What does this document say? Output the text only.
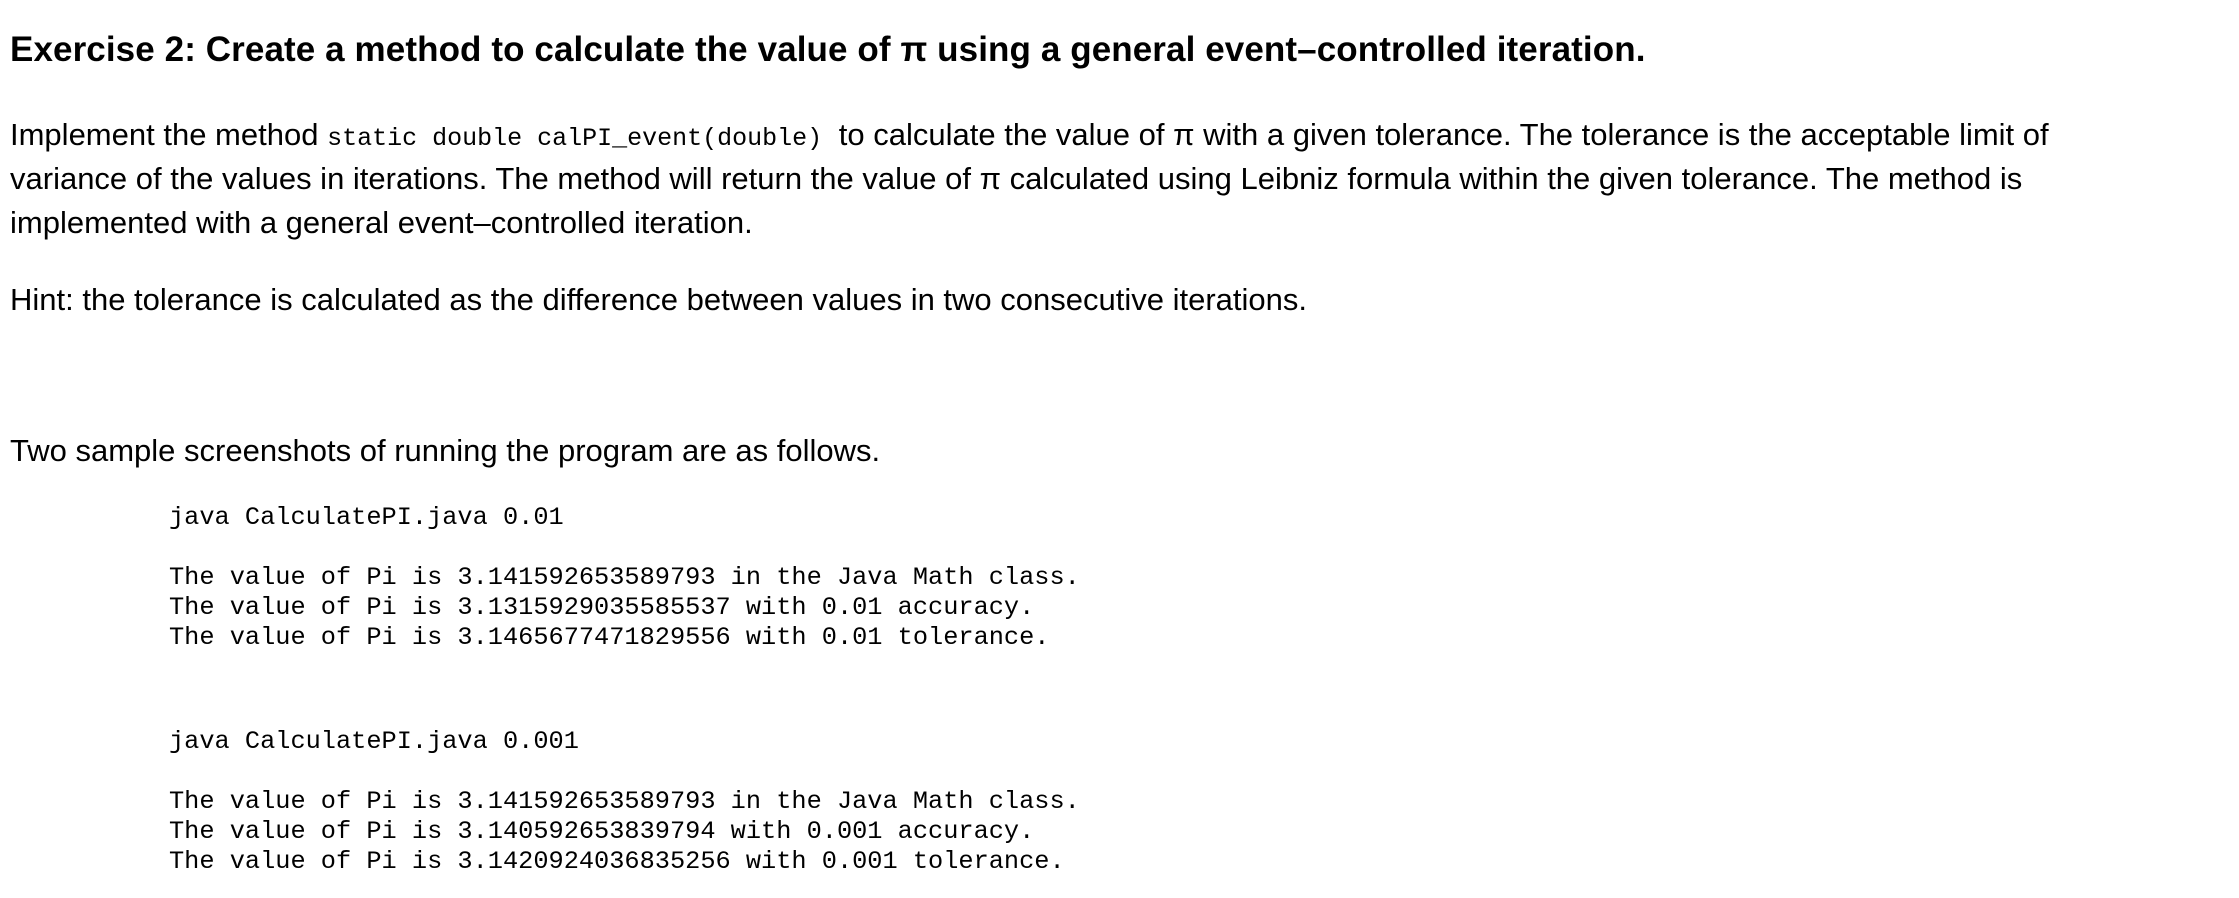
Exercise 2: Create a method to calculate the value of π using a general event–controlled iteration.

Implement the method static double calPI_event(double) to calculate the value of π with a given tolerance. The tolerance is the acceptable limit of

variance of the values in iterations. The method will return the value of π calculated using Leibniz formula within the given tolerance. The method is

implemented with a general event–controlled iteration.

Hint: the tolerance is calculated as the difference between values in two consecutive iterations.

Two sample screenshots of running the program are as follows.

java CalculatePI.java 0.01
The value of Pi is 3.141592653589793 in the Java Math class.
The value of Pi is 3.1315929035585537 with 0.01 accuracy.
The value of Pi is 3.1465677471829556 with 0.01 tolerance.
java CalculatePI.java 0.001
The value of Pi is 3.141592653589793 in the Java Math class.
The value of Pi is 3.140592653839794 with 0.001 accuracy.
The value of Pi is 3.1420924036835256 with 0.001 tolerance.
